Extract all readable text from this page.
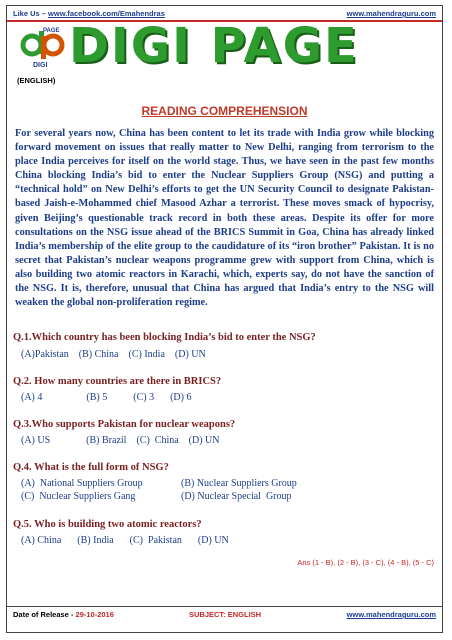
Like Us – www.facebook.com/Emahendras	www.mahendraguru.com
PAGE
DIGI DIGI PAGE
(ENGLISH)
READING COMPREHENSION
For several years now, China has been content to let its trade with India grow while blocking forward movement on issues that really matter to New Delhi, ranging from terrorism to the place India perceives for itself on the world stage. Thus, we have seen in the past few months China blocking India’s bid to enter the Nuclear Suppliers Group (NSG) and putting a “technical hold” on New Delhi’s efforts to get the UN Security Council to designate Pakistan-based Jaish-e-Mohammed chief Masood Azhar a terrorist. These moves smack of hypocrisy, given Beijing’s questionable track record in both these areas. Despite its offer for more consultations on the NSG issue ahead of the BRICS Summit in Goa, China has already linked India’s membership of the elite group to the caudidature of its “iron brother” Pakistan. It is no secret that Pakistan’s nuclear weapons programme grew with support from China, which is also building two atomic reactors in Karachi, which, experts say, do not have the sanction of the NSG. It is, therefore, unusual that China has argued that India’s entry to the NSG will weaken the global non-proliferation regime.
Q.1.Which country has been blocking India’s bid to enter the NSG?
(A)Pakistan (B) China (C) India (D) UN
Q.2. How many countries are there in BRICS?
(A) 4	(B) 5	(C) 3 (D) 6
Q.3.Who supports Pakistan for nuclear weapons?
(A) US	(B) Brazil (C)  China (D) UN
Q.4. What is the full form of NSG?
(A)  National Suppliers Group	(B) Nuclear Suppliers Group
(C)  Nuclear Suppliers Gang	(D) Nuclear Special  Group
Q.5. Who is building two atomic reactors?
(A) China (B) India (C)  Pakistan (D) UN
Ans (1 - B), (2 - B), (3 - C), (4 - B), (5 - C)
Date of Release - 29-10-2016	SUBJECT: ENGLISH	www.mahendraguru.com
